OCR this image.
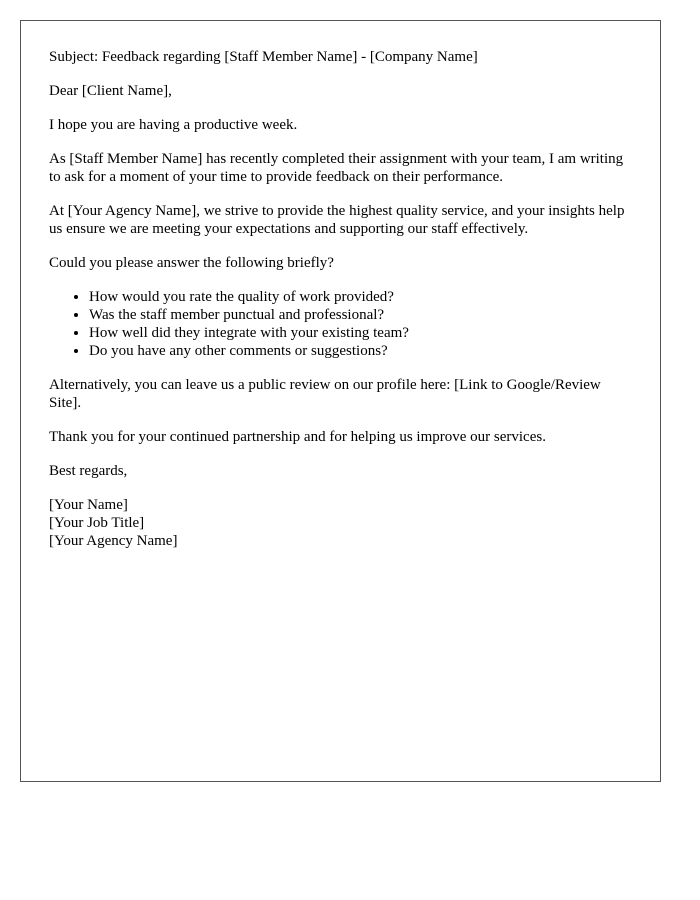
Subject: Feedback regarding [Staff Member Name] - [Company Name]

Dear [Client Name],

I hope you are having a productive week.

As [Staff Member Name] has recently completed their assignment with your team, I am writing to ask for a moment of your time to provide feedback on their performance.

At [Your Agency Name], we strive to provide the highest quality service, and your insights help us ensure we are meeting your expectations and supporting our staff effectively.

Could you please answer the following briefly?

• How would you rate the quality of work provided?
• Was the staff member punctual and professional?
• How well did they integrate with your existing team?
• Do you have any other comments or suggestions?

Alternatively, you can leave us a public review on our profile here: [Link to Google/Review Site].

Thank you for your continued partnership and for helping us improve our services.

Best regards,

[Your Name]

[Your Job Title]

[Your Agency Name]
